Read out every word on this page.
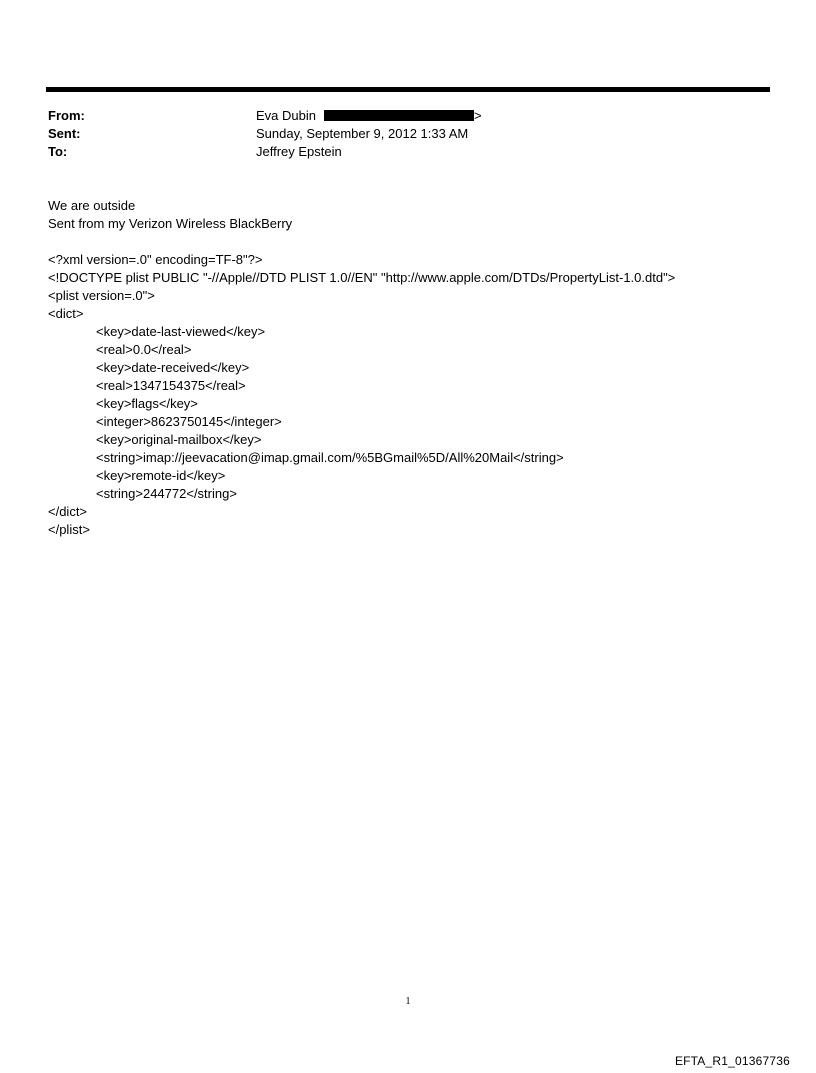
From:	Eva Dubin	>
Sent:	Sunday, September 9, 2012 1:33 AM
To:	Jeffrey Epstein
We are outside
Sent from my Verizon Wireless BlackBerry
<?xml version=.0" encoding=TF-8"?>
<!DOCTYPE plist PUBLIC "-//Apple//DTD PLIST 1.0//EN" "http://www.apple.com/DTDs/PropertyList-1.0.dtd">
<plist version=.0">
<dict>
<key>date-last-viewed</key>
<real>0.0</real>
<key>date-received</key>
<real>1347154375</real>
<key>flags</key>
<integer>8623750145</integer>
<key>original-mailbox</key>
<string>imap://jeevacation@imap.gmail.com/%5BGmail%5D/All%20Mail</string>
<key>remote-id</key>
<string>244772</string>
</dict>
</plist>
1
EFTA_R1_01367736
